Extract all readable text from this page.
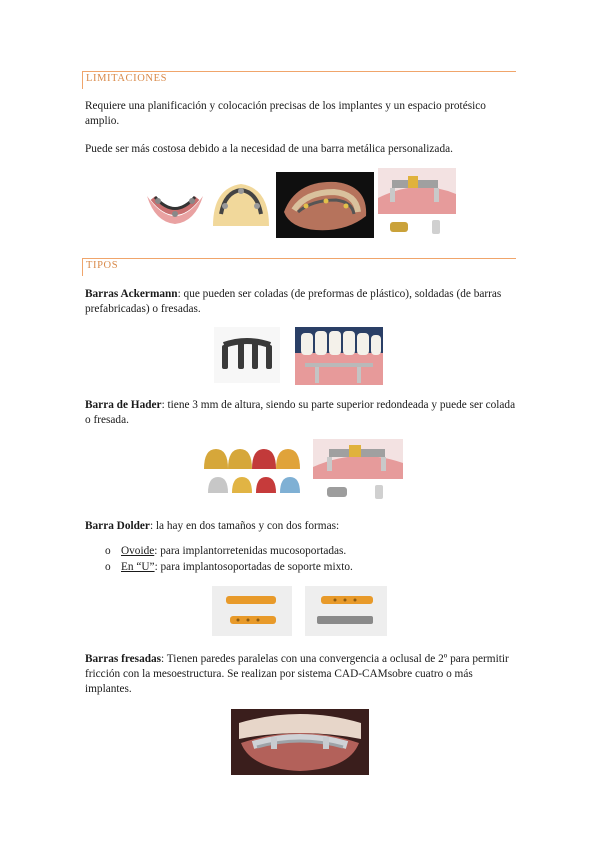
LIMITACIONES

Requiere una planificación y colocación precisas de los implantes y un espacio protésico amplio.

Puede ser más costosa debido a la necesidad de una barra metálica personalizada.

TIPOS

Barras Ackermann: que pueden ser coladas (de preformas de plástico), soldadas (de barras prefabricadas) o fresadas.

Barra de Hader: tiene 3 mm de altura, siendo su parte superior redondeada y puede ser colada o fresada.

Barra Dolder: la hay en dos tamaños y con dos formas:

o Ovoide: para implantorretenidas mucosoportadas.
o En “U”: para implantosoportadas de soporte mixto.

Barras fresadas: Tienen paredes paralelas con una convergencia a oclusal de 2º para permitir fricción con la mesoestructura. Se realizan por sistema CAD-CAMsobre cuatro o más implantes.
